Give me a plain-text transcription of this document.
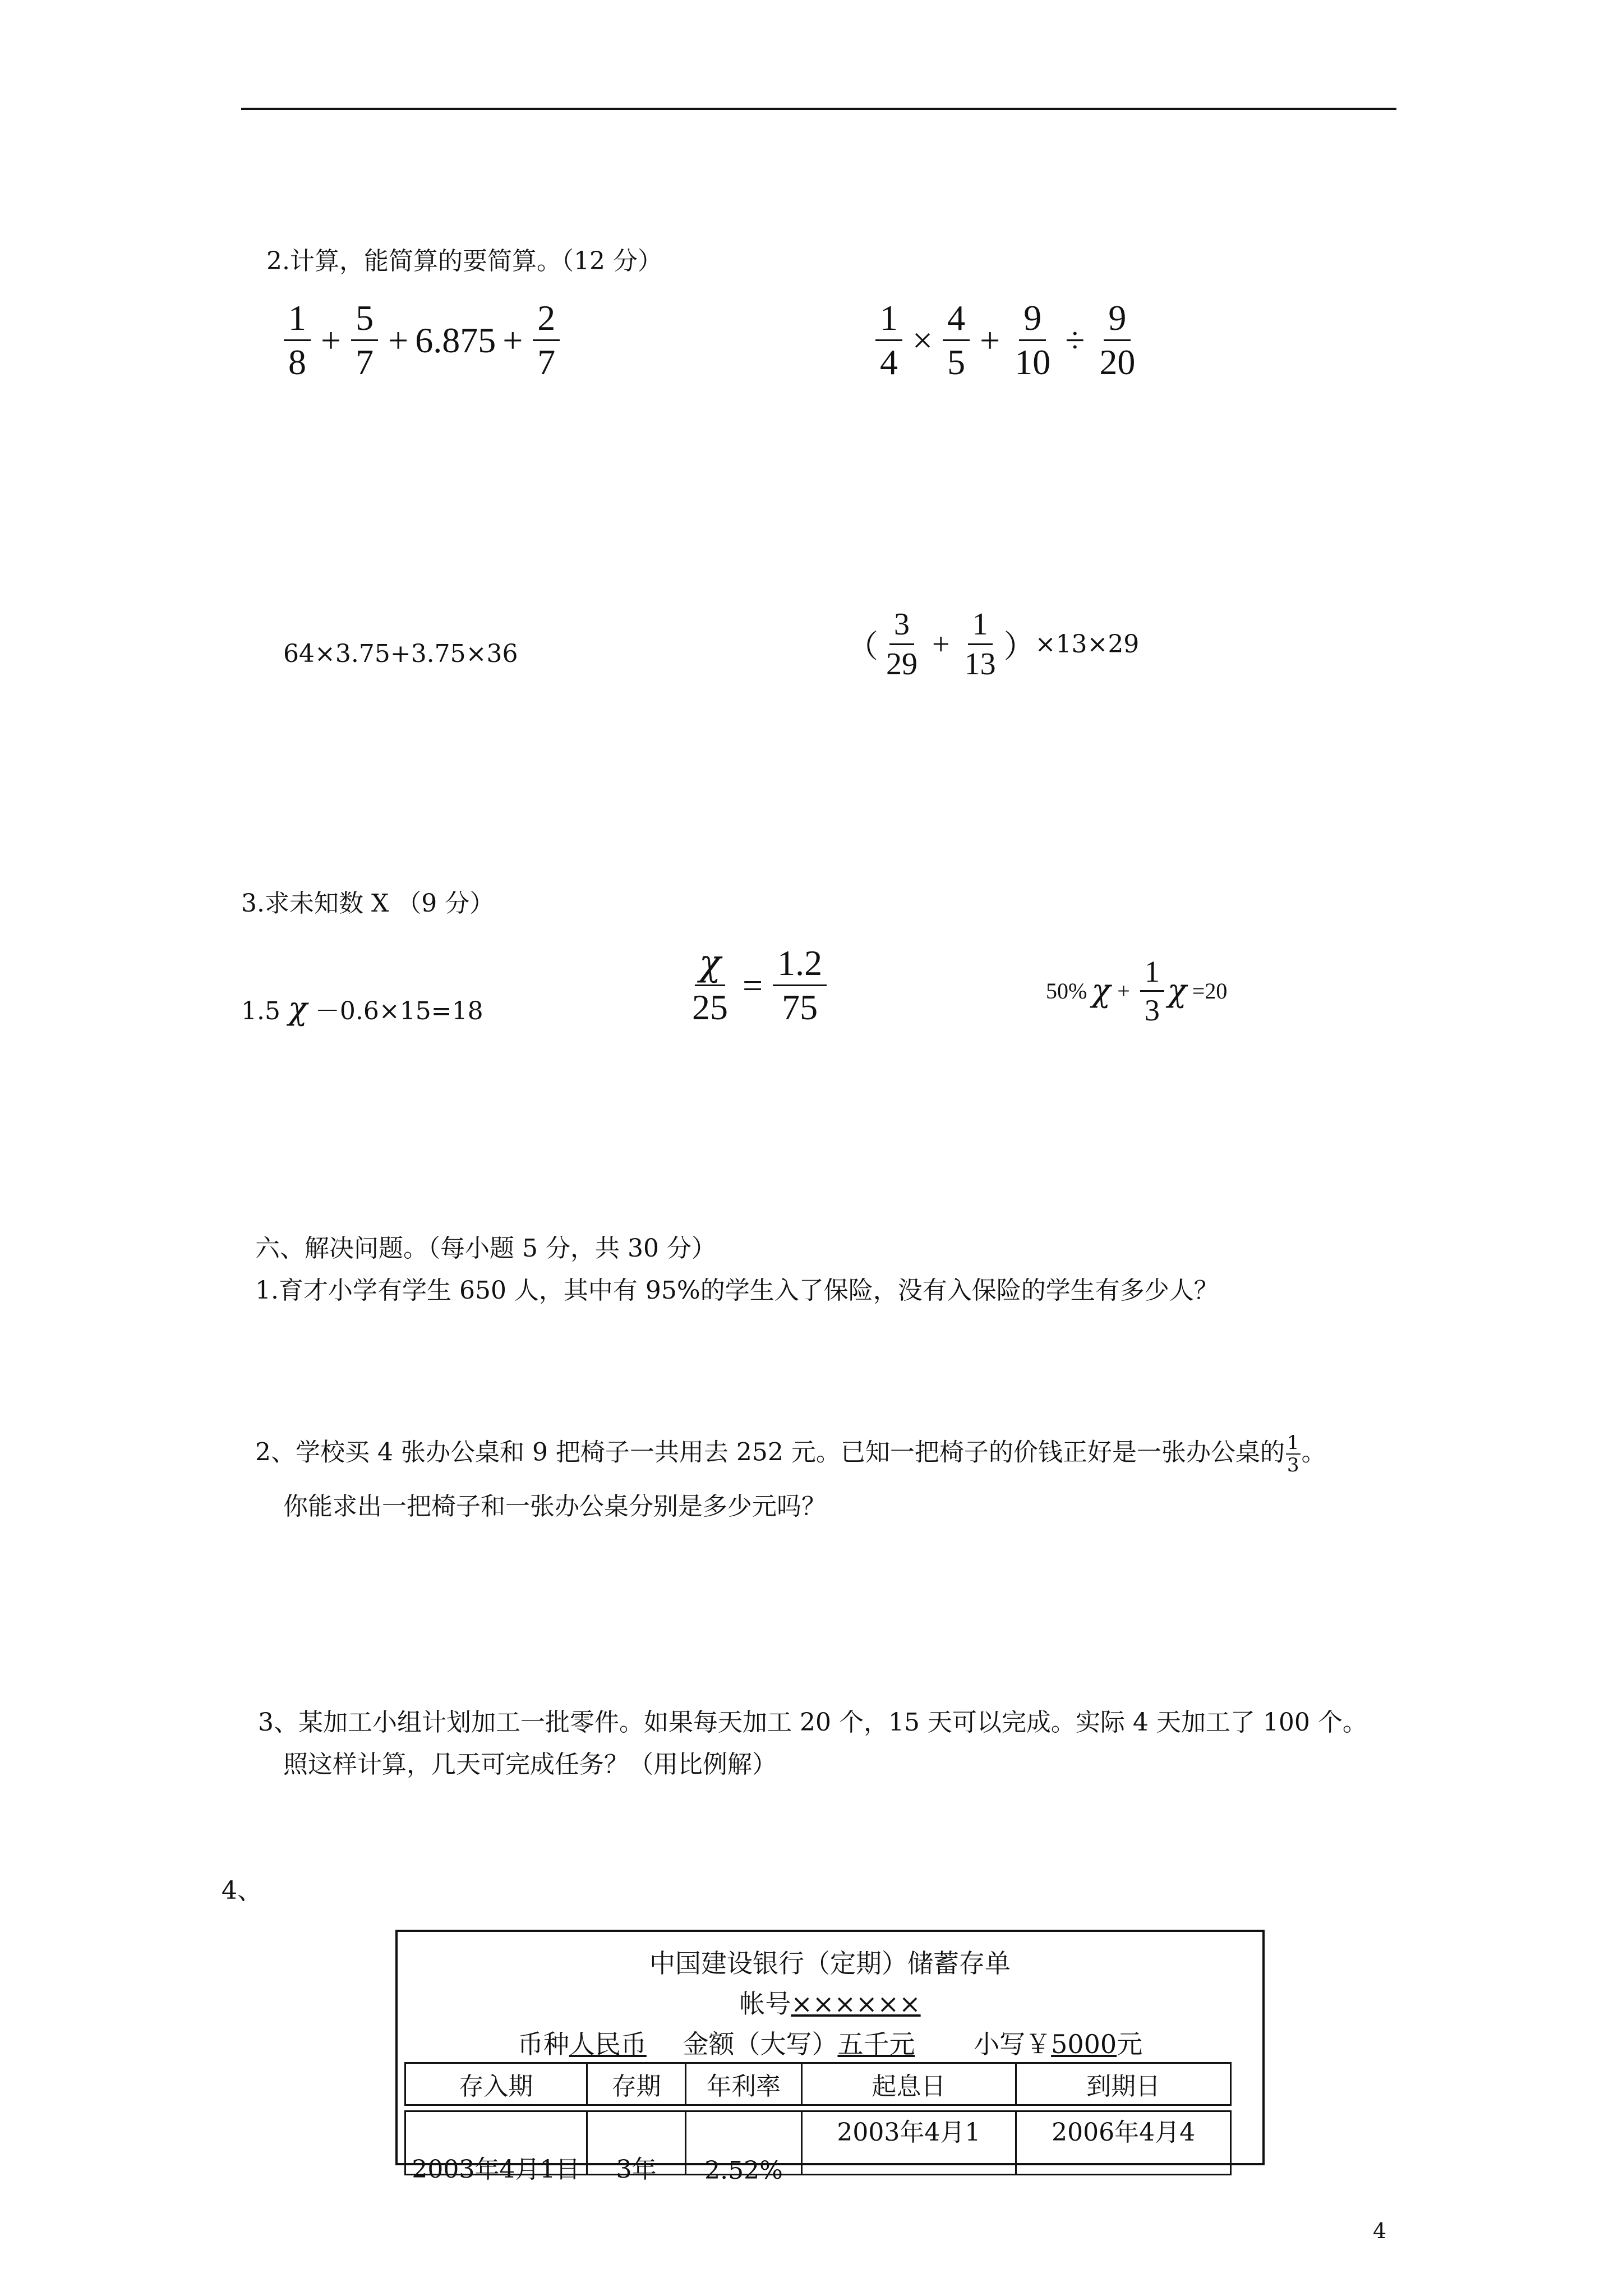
2.计算，能简算的要简算。（12 分）
$\frac{1}{8} + \frac{5}{7} + 6.875 + \frac{2}{7}$	$\frac{1}{4} \times \frac{4}{5} + \frac{9}{10} \div \frac{9}{20}$
64×3.75+3.75×36	（ $\frac{3}{29} + \frac{1}{13}$ ） ×13×29
3.求未知数 X （9 分）
1.5 χ －0.6×15=18	$\frac{\chi}{25} = \frac{1.2}{75}$	50% $\chi + \frac{1}{3}$ χ =20
六、解决问题。（每小题 5 分，共 30 分）
1.育才小学有学生 650 人，其中有 95%的学生入了保险，没有入保险的学生有多少人？
2、学校买 4 张办公桌和 9 把椅子一共用去 252 元。已知一把椅子的价钱正好是一张办公桌的 $\frac{1}{3}$ 。
你能求出一把椅子和一张办公桌分别是多少元吗？
3、某加工小组计划加工一批零件。如果每天加工 20 个，15 天可以完成。实际 4 天加工了 100 个。
照这样计算，几天可完成任务？（用比例解）
4、
中国建设银行（定期）储蓄存单
帐号××××××
币种人民币 金额（大写）五千元 小写￥5000元
存入期	存期	年利率	起息日	到期日
2003年4月1日	3年	2.52%	2003年4月1	2006年4月4
4
